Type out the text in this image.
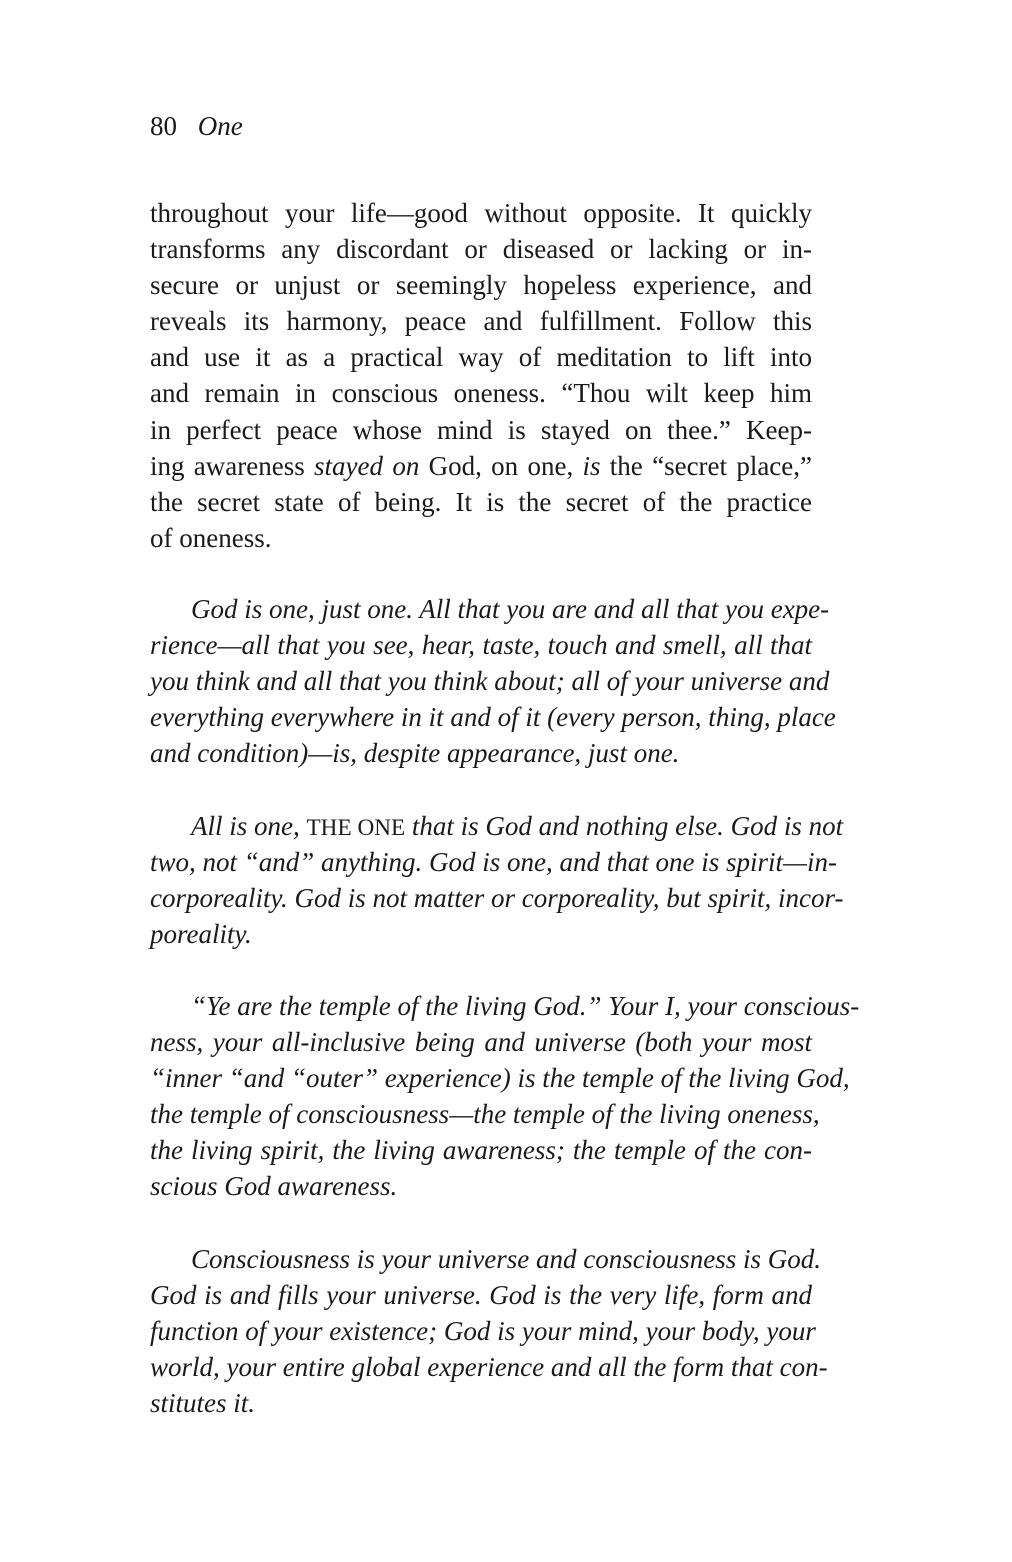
80 One
throughout your life—good without opposite. It quickly
transforms any discordant or diseased or lacking or in-
secure or unjust or seemingly hopeless experience, and
reveals its harmony, peace and fulfillment. Follow this
and use it as a practical way of meditation to lift into
and remain in conscious oneness. “Thou wilt keep him
in perfect peace whose mind is stayed on thee.” Keep-
ing awareness stayed on God, on one, is the “secret place,”
the secret state of being. It is the secret of the practice
of oneness.
God is one, just one. All that you are and all that you expe-
rience—all that you see, hear, taste, touch and smell, all that
you think and all that you think about; all of your universe and
everything everywhere in it and of it (every person, thing, place
and condition)—is, despite appearance, just one.
All is one, THE ONE that is God and nothing else. God is not
two, not “and” anything. God is one, and that one is spirit—in-
corporeality. God is not matter or corporeality, but spirit, incor-
poreality.
“Ye are the temple of the living God.” Your I, your conscious-
ness, your all-inclusive being and universe (both your most
“inner “and “outer” experience) is the temple of the living God,
the temple of consciousness—the temple of the living oneness,
the living spirit, the living awareness; the temple of the con-
scious God awareness.
Consciousness is your universe and consciousness is God.
God is and fills your universe. God is the very life, form and
function of your existence; God is your mind, your body, your
world, your entire global experience and all the form that con-
stitutes it.
